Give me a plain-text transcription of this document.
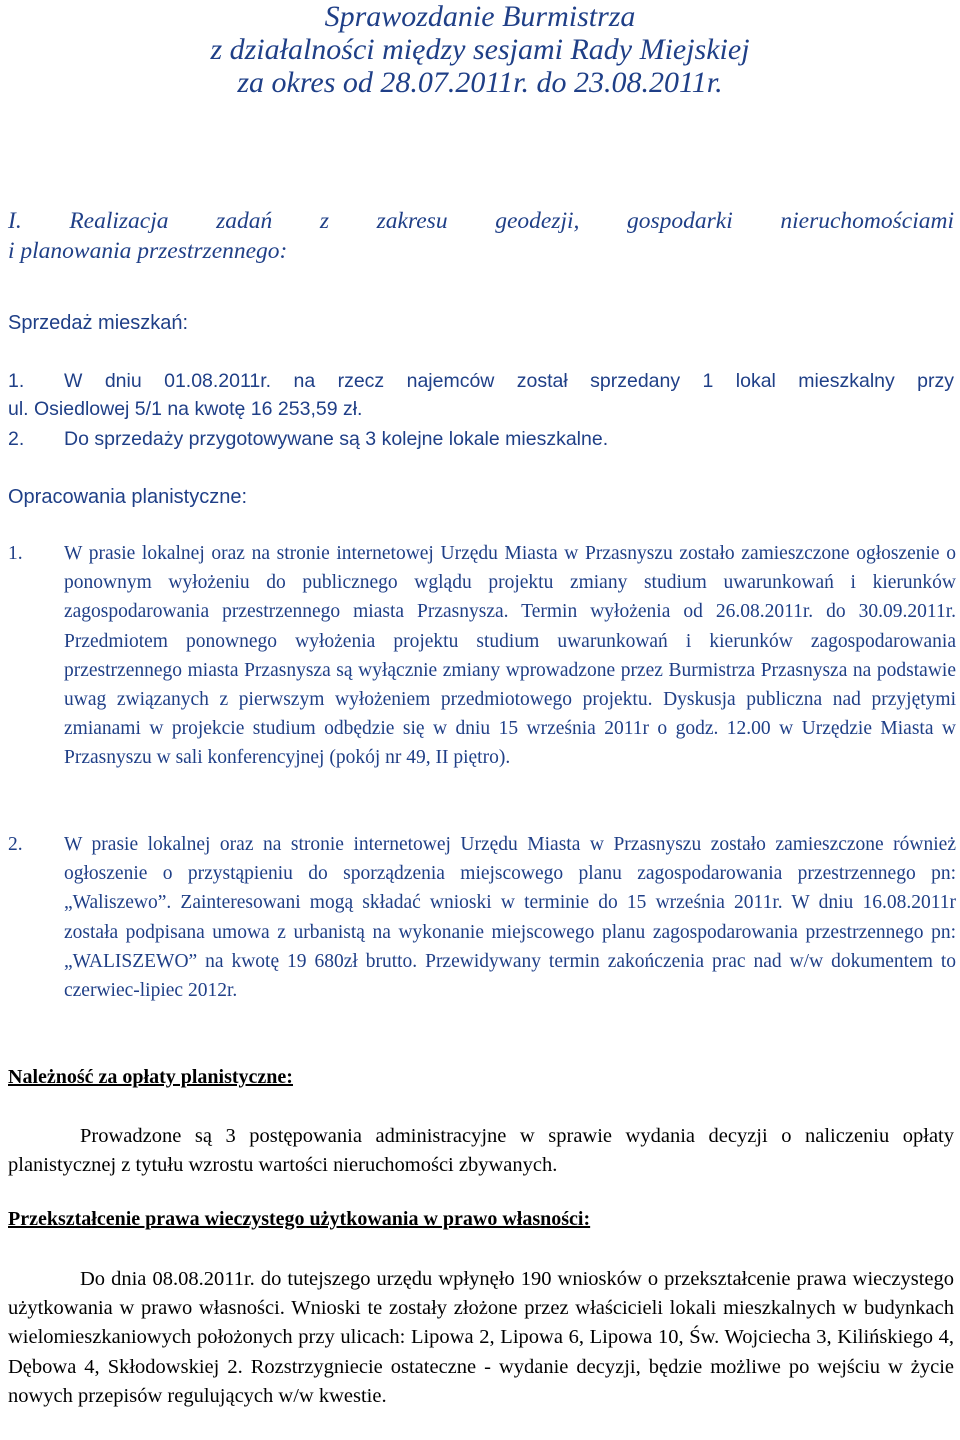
Sprawozdanie Burmistrza
z działalności między sesjami Rady Miejskiej
za okres od 28.07.2011r. do 23.08.2011r.
I. Realizacja zadań z zakresu geodezji, gospodarki nieruchomościami
i planowania przestrzennego:
Sprzedaż mieszkań:
1. W dniu 01.08.2011r. na rzecz najemców został sprzedany 1 lokal mieszkalny przy
ul. Osiedlowej 5/1 na kwotę 16 253,59 zł.
2. Do sprzedaży przygotowywane są 3 kolejne lokale mieszkalne.
Opracowania planistyczne:
1. W prasie lokalnej oraz na stronie internetowej Urzędu Miasta w Przasnyszu zostało zamieszczone ogłoszenie o ponownym wyłożeniu do publicznego wglądu projektu zmiany studium uwarunkowań i kierunków zagospodarowania przestrzennego miasta Przasnysza. Termin wyłożenia od 26.08.2011r. do 30.09.2011r. Przedmiotem ponownego wyłożenia projektu studium uwarunkowań i kierunków zagospodarowania przestrzennego miasta Przasnysza są wyłącznie zmiany wprowadzone przez Burmistrza Przasnysza na podstawie uwag związanych z pierwszym wyłożeniem przedmiotowego projektu. Dyskusja publiczna nad przyjętymi zmianami w projekcie studium odbędzie się w dniu 15 września 2011r o godz. 12.00 w Urzędzie Miasta w Przasnyszu w sali konferencyjnej (pokój nr 49, II piętro).

2. W prasie lokalnej oraz na stronie internetowej Urzędu Miasta w Przasnyszu zostało zamieszczone również ogłoszenie o przystąpieniu do sporządzenia miejscowego planu zagospodarowania przestrzennego pn: „Waliszewo”. Zainteresowani mogą składać wnioski w terminie do 15 września 2011r. W dniu 16.08.2011r została podpisana umowa z urbanistą na wykonanie miejscowego planu zagospodarowania przestrzennego pn: „WALISZEWO” na kwotę 19 680zł brutto. Przewidywany termin zakończenia prac nad w/w dokumentem to czerwiec-lipiec 2012r.

Należność za opłaty planistyczne:

Prowadzone są 3 postępowania administracyjne w sprawie wydania decyzji o naliczeniu opłaty planistycznej z tytułu wzrostu wartości nieruchomości zbywanych.

Przekształcenie prawa wieczystego użytkowania w prawo własności:

Do dnia 08.08.2011r. do tutejszego urzędu wpłynęło 190 wniosków o przekształcenie prawa wieczystego użytkowania w prawo własności. Wnioski te zostały złożone przez właścicieli lokali mieszkalnych w budynkach wielomieszkaniowych położonych przy ulicach: Lipowa 2, Lipowa 6, Lipowa 10, Św. Wojciecha 3, Kilińskiego 4, Dębowa 4, Skłodowskiej 2. Rozstrzygniecie ostateczne - wydanie decyzji, będzie możliwe po wejściu w życie nowych przepisów regulujących w/w kwestie.
